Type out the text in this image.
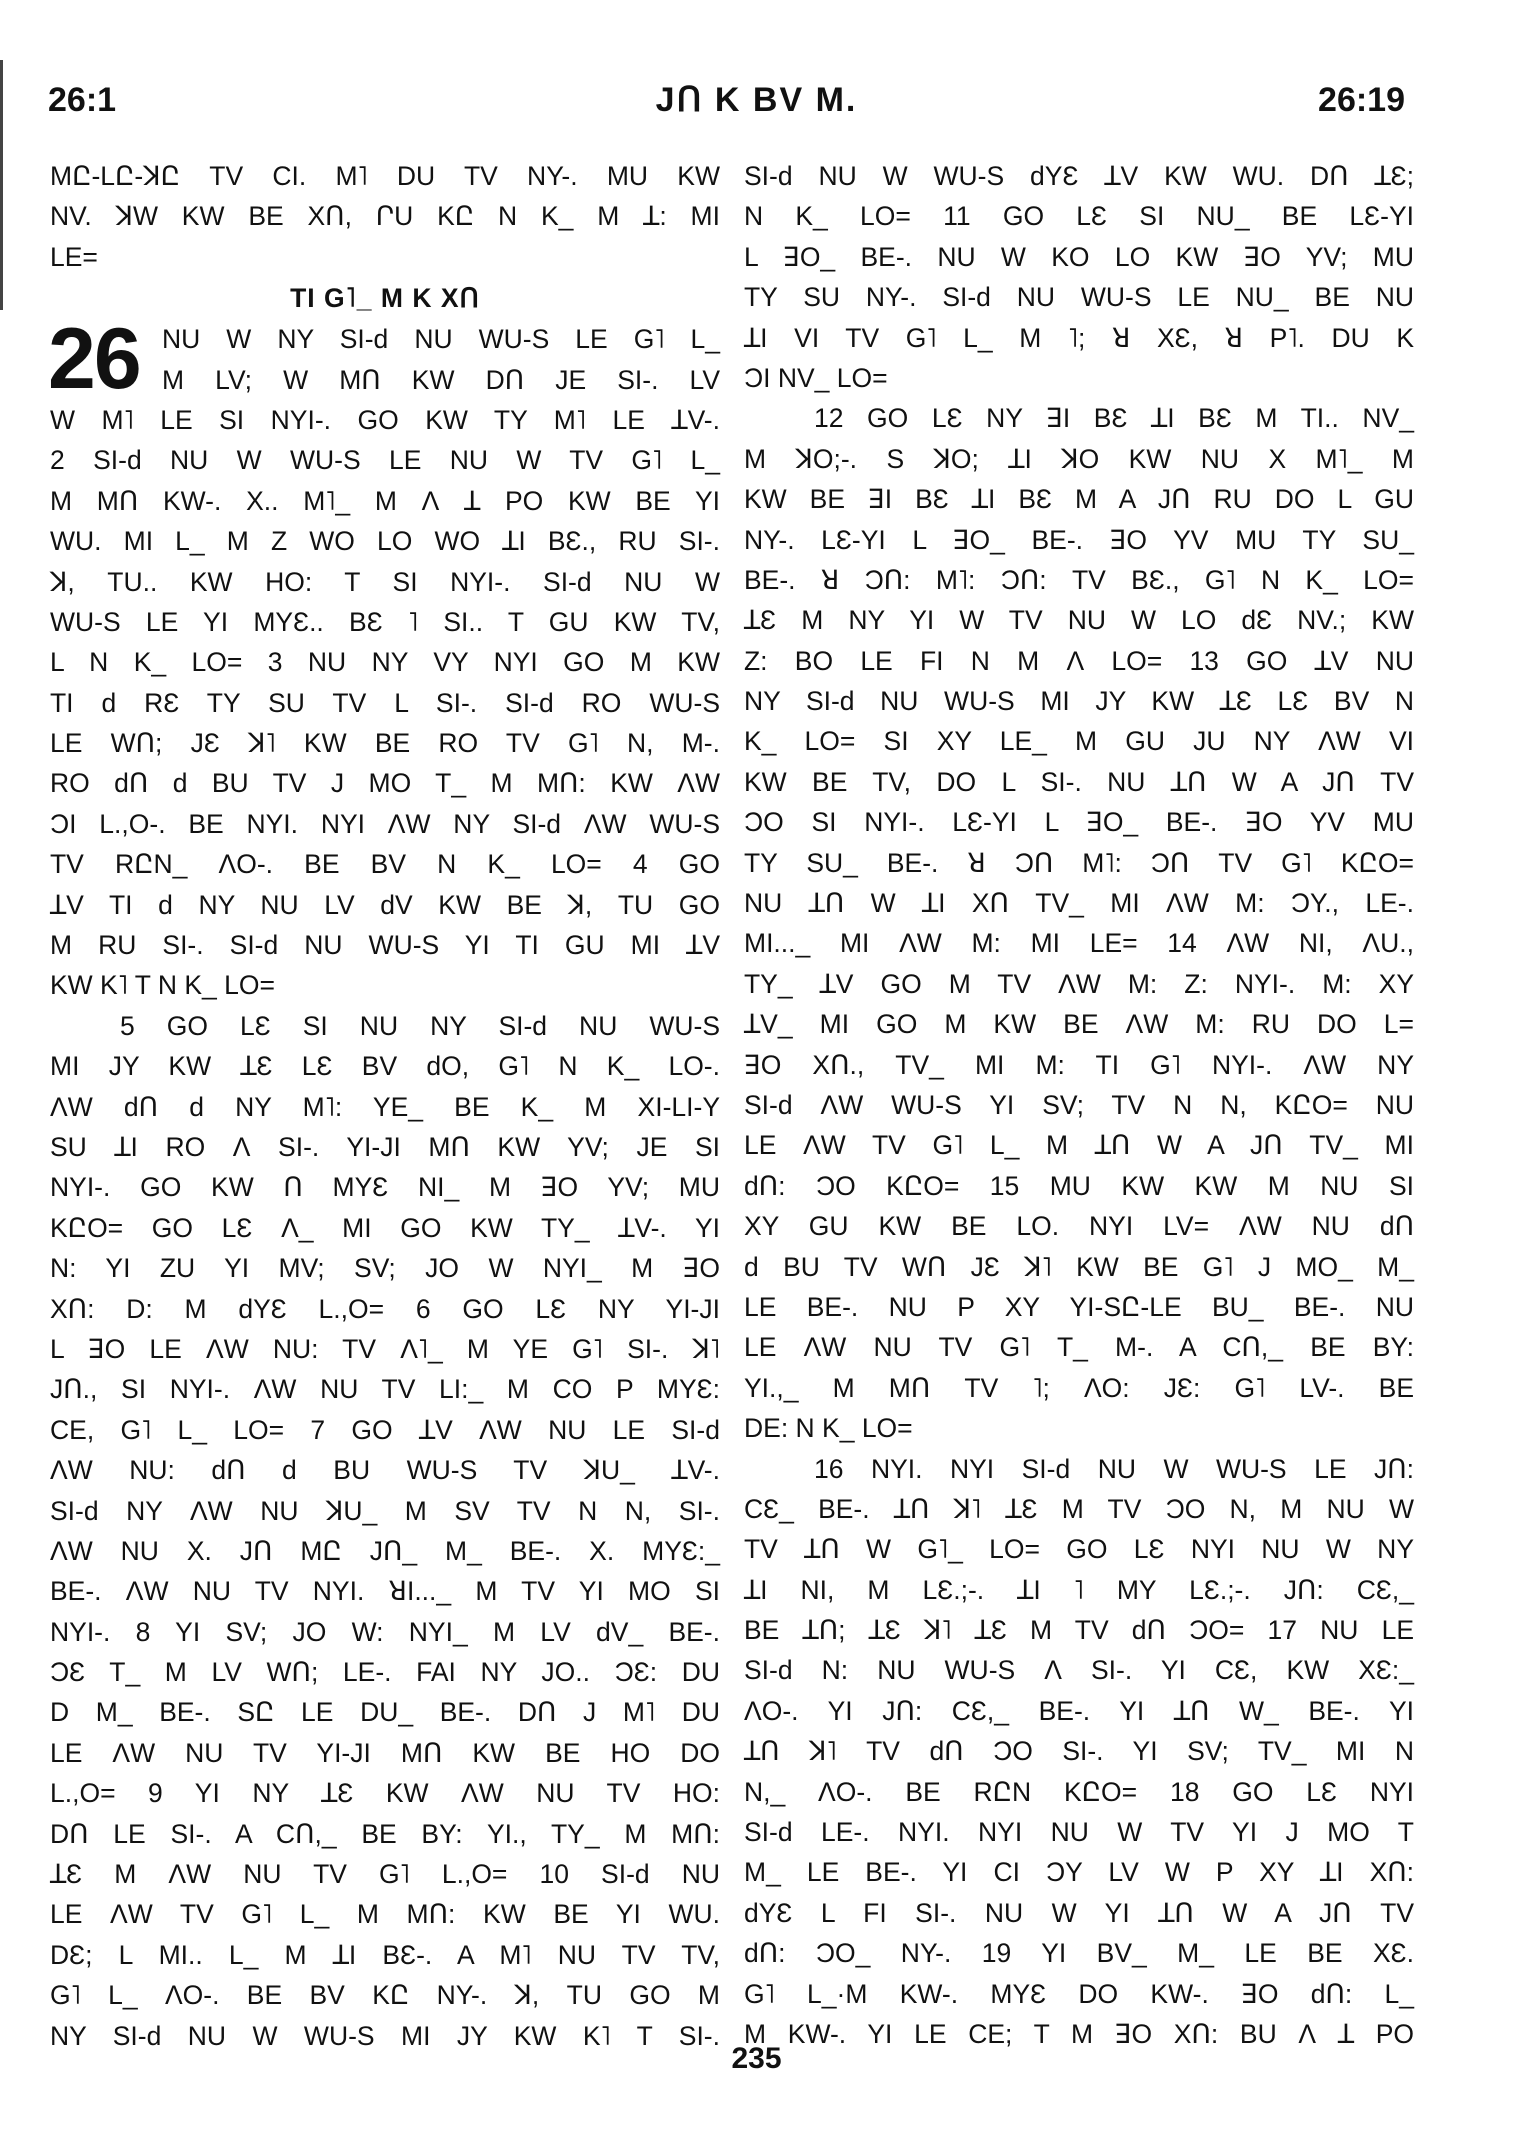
26:1	JՈ K BV M.	26:19
MԸ-LԸ-ꓘԸ TV CI. M˥ DU TV NY-. MU KW
NV. ꓘW KW BE XՈ, ՐU KԸ N K_ M ꓕ: MI
LE=
TI G˥_ M K XՈ
26 NU W NY SI-d NU WU-S LE G˥ L_
M LV; W MՈ KW DՈ JE SI-. LV
W M˥ LE SI NYI-. GO KW TY M˥ LE ꓕV-.
2 SI-d NU W WU-S LE NU W TV G˥ L_
M MՈ KW-. X.. M˥_ M Ʌ ꓕ PO KW BE YI
WU. MI L_ M Z WO LO WO ꓕI BƐ., RU SI-.
ꓘ, TU.. KW HO: T SI NYI-. SI-d NU W
WU-S LE YI MYƐ.. BƐ ˥ SI.. T GU KW TV,
L N K_ LO= 3 NU NY VY NYI GO M KW
TI d RƐ TY SU TV L SI-. SI-d RO WU-S
LE WՈ; JƐ ꓘ˥ KW BE RO TV G˥ N, M-.
RO dՈ d BU TV J MO T_ M MՈ: KW ɅW
ƆI L.,O-. BE NYI. NYI ɅW NY SI-d ɅW WU-S
TV RԸN_ ɅO-. BE BV N K_ LO= 4 GO
ꓕV TI d NY NU LV dV KW BE ꓘ, TU GO
M RU SI-. SI-d NU WU-S YI TI GU MI ꓕV
KW K˥ T N K_ LO=
5 GO LƐ SI NU NY SI-d NU WU-S
MI JY KW ꓕƐ LƐ BV dO, G˥ N K_ LO-.
ɅW dՈ d NY M˥: YE_ BE K_ M XI-LI-Y
SU ꓕI RO Ʌ SI-. YI-JI MՈ KW YV; JE SI
NYI-. GO KW Ո MYƐ NI_ M ꓱO YV; MU
KԸO= GO LƐ Ʌ_ MI GO KW TY_ ꓕV-. YI
N: YI ZU YI MV; SV; JO W NYI_ M ꓱO
XՈ: D: M dYƐ L.,O= 6 GO LƐ NY YI-JI
L ꓱO LE ɅW NU: TV Ʌ˥_ M YE G˥ SI-. ꓘ˥
JՈ., SI NYI-. ɅW NU TV LI:_ M CO P MYƐ:
CE, G˥ L_ LO= 7 GO ꓕV ɅW NU LE SI-d
ɅW NU: dՈ d BU WU-S TV ꓘU_ ꓕV-.
SI-d NY ɅW NU ꓘU_ M SV TV N N, SI-.
ɅW NU X. JՈ MԸ JՈ_ M_ BE-. X. MYƐ:_
BE-. ɅW NU TV NYI. ꓤI..._ M TV YI MO SI
NYI-. 8 YI SV; JO W: NYI_ M LV dV_ BE-.
ƆƐ T_ M LV WՈ; LE-. FAI NY JO.. ƆƐ: DU
D M_ BE-. SԸ LE DU_ BE-. DՈ J M˥ DU
LE ɅW NU TV YI-JI MՈ KW BE HO DO
L.,O= 9 YI NY ꓕƐ KW ɅW NU TV HO:
DՈ LE SI-. A CՈ,_ BE BY: YI., TY_ M MՈ:
ꓕƐ M ɅW NU TV G˥ L.,O= 10 SI-d NU
LE ɅW TV G˥ L_ M MՈ: KW BE YI WU.
DƐ; L MI.. L_ M ꓕI BƐ-. A M˥ NU TV TV,
G˥ L_ ɅO-. BE BV KԸ NY-. ꓘ, TU GO M
NY SI-d NU W WU-S MI JY KW K˥ T SI-.
SI-d NU W WU-S dYƐ ꓕV KW WU. DՈ ꓕƐ;
N K_ LO= 11 GO LƐ SI NU_ BE LƐ-YI
L ꓱO_ BE-. NU W KO LO KW ꓱO YV; MU
TY SU NY-. SI-d NU WU-S LE NU_ BE NU
ꓕI VI TV G˥ L_ M ˥; ꓤ XƐ, ꓤ P˥. DU K
ƆI NV_ LO=
12 GO LƐ NY ꓱI BƐ ꓕI BƐ M TI.. NV_
M ꓘO;-. S ꓘO; ꓕI ꓘO KW NU X M˥_ M
KW BE ꓱI BƐ ꓕI BƐ M A JՈ RU DO L GU
NY-. LƐ-YI L ꓱO_ BE-. ꓱO YV MU TY SU_
BE-. ꓤ ƆՈ: M˥: ƆՈ: TV BƐ., G˥ N K_ LO=
ꓕƐ M NY YI W TV NU W LO dƐ NV.; KW
Z: BO LE FI N M Ʌ LO= 13 GO ꓕV NU
NY SI-d NU WU-S MI JY KW ꓕƐ LƐ BV N
K_ LO= SI XY LE_ M GU JU NY ɅW VI
KW BE TV, DO L SI-. NU ꓕՈ W A JՈ TV
ƆO SI NYI-. LƐ-YI L ꓱO_ BE-. ꓱO YV MU
TY SU_ BE-. ꓤ ƆՈ M˥: ƆՈ TV G˥ KԸO=
NU ꓕՈ W ꓕI XՈ TV_ MI ɅW M: ƆY., LE-.
MI..._ MI ɅW M: MI LE= 14 ɅW NI, ɅU.,
TY_ ꓕV GO M TV ɅW M: Z: NYI-. M: XY
ꓕV_ MI GO M KW BE ɅW M: RU DO L=
ꓱO XՈ., TV_ MI M: TI G˥ NYI-. ɅW NY
SI-d ɅW WU-S YI SV; TV N N, KԸO= NU
LE ɅW TV G˥ L_ M ꓕՈ W A JՈ TV_ MI
dՈ: ƆO KԸO= 15 MU KW KW M NU SI
XY GU KW BE LO. NYI LV= ɅW NU dՈ
d BU TV WՈ JƐ ꓘ˥ KW BE G˥ J MO_ M_
LE BE-. NU P XY YI-SԸ-LE BU_ BE-. NU
LE ɅW NU TV G˥ T_ M-. A CՈ,_ BE BY:
YI.,_ M MՈ TV ˥; ɅO: JƐ: G˥ LV-. BE
DE: N K_ LO=
16 NYI. NYI SI-d NU W WU-S LE JՈ:
CƐ_ BE-. ꓕՈ ꓘ˥ ꓕƐ M TV ƆO N, M NU W
TV ꓕՈ W G˥_ LO= GO LƐ NYI NU W NY
ꓕI NI, M LƐ.;-. ꓕI ˥ MY LƐ.;-. JՈ: CƐ,_
BE ꓕՈ; ꓕƐ ꓘ˥ ꓕƐ M TV dՈ ƆO= 17 NU LE
SI-d N: NU WU-S Ʌ SI-. YI CƐ, KW XƐ:_
ɅO-. YI JՈ: CƐ,_ BE-. YI ꓕՈ W_ BE-. YI
ꓕՈ ꓘ˥ TV dՈ ƆO SI-. YI SV; TV_ MI N
N,_ ɅO-. BE RԸN KԸO= 18 GO LƐ NYI
SI-d LE-. NYI. NYI NU W TV YI J MO T
M_ LE BE-. YI CI ƆY LV W P XY ꓕI XՈ:
dYƐ L FI SI-. NU W YI ꓕՈ W A JՈ TV
dՈ: ƆO_ NY-. 19 YI BV_ M_ LE BE XƐ.
G˥ L_·M KW-. MYƐ DO KW-. ꓱO dՈ: L_
M KW-. YI LE CE; T M ꓱO XՈ: BU Ʌ ꓕ PO
235
